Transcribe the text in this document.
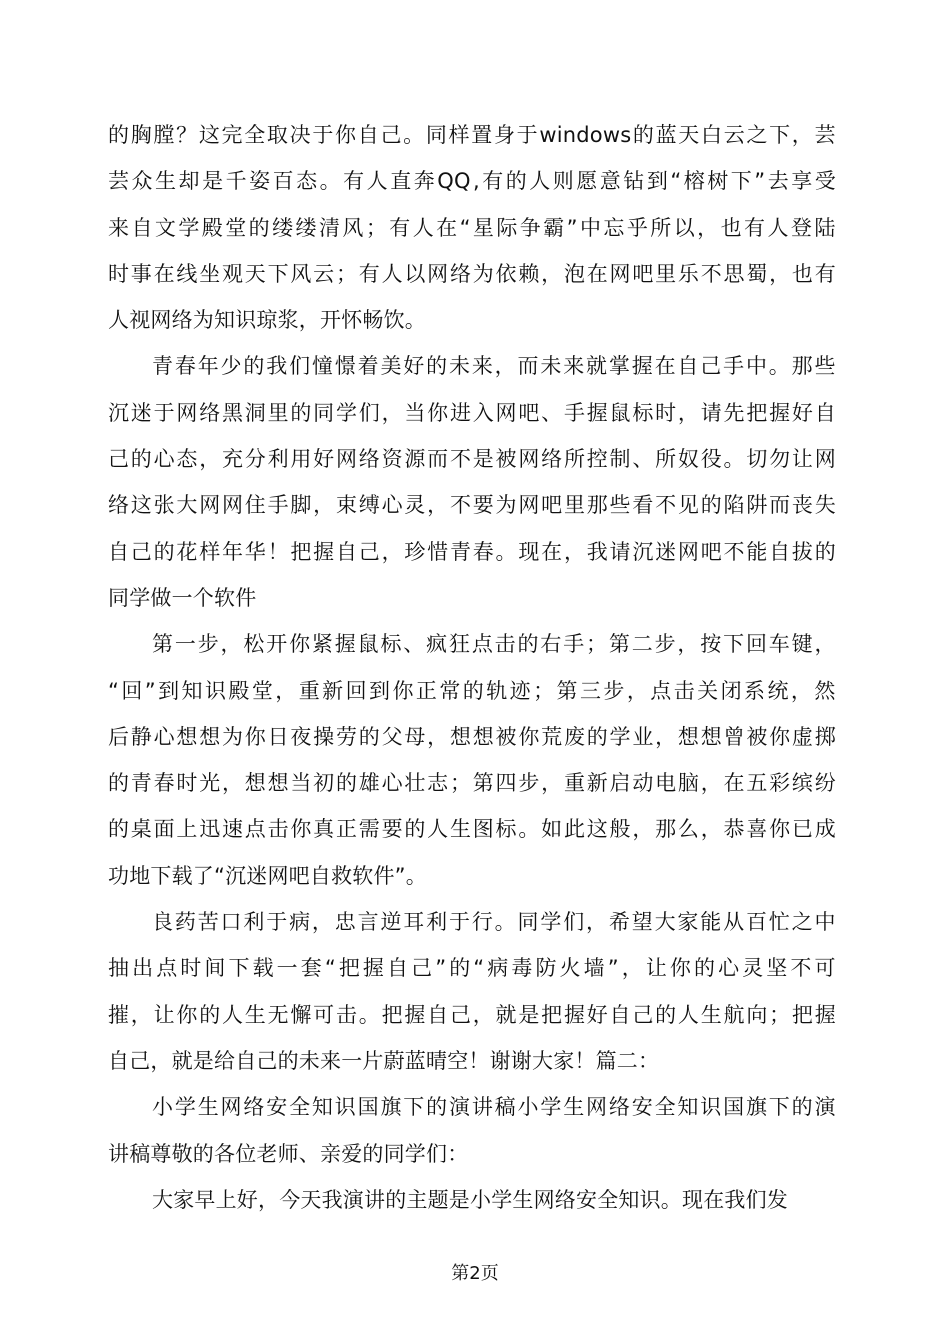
的 胸 膛 ？ 这 完 全 取 决 于 你 自 己 。 同 样 置 身 于 windows 的 蓝 天 白 云 之 下 ， 芸
芸 众 生 却 是 千 姿 百 态 。 有 人 直 奔 QQ , 有 的 人 则 愿 意 钻 到 “ 榕 树 下 ” 去 享 受
来 自 文 学 殿 堂 的 缕 缕 清 风 ； 有 人 在 “ 星 际 争 霸 ” 中 忘 乎 所 以 ， 也 有 人 登 陆
时 事 在 线 坐 观 天 下 风 云 ； 有 人 以 网 络 为 依 赖 ， 泡 在 网 吧 里 乐 不 思 蜀 ， 也 有
人视网络为知识琼浆，开怀畅饮。
青 春 年 少 的 我 们 憧 憬 着 美 好 的 未 来 ， 而 未 来 就 掌 握 在 自 己 手 中 。 那 些
沉 迷 于 网 络 黑 洞 里 的 同 学 们 ， 当 你 进 入 网 吧 、 手 握 鼠 标 时 ， 请 先 把 握 好 自
己 的 心 态 ， 充 分 利 用 好 网 络 资 源 而 不 是 被 网 络 所 控 制 、 所 奴 役 。 切 勿 让 网
络 这 张 大 网 网 住 手 脚 ， 束 缚 心 灵 ， 不 要 为 网 吧 里 那 些 看 不 见 的 陷 阱 而 丧 失
自 己 的 花 样 年 华 ！ 把 握 自 己 ， 珍 惜 青 春 。 现 在 ， 我 请 沉 迷 网 吧 不 能 自 拔 的
同学做一个软件
第 一 步 ， 松 开 你 紧 握 鼠 标 、 疯 狂 点 击 的 右 手 ； 第 二 步 ， 按 下 回 车 键 ，
“ 回 ” 到 知 识 殿 堂 ， 重 新 回 到 你 正 常 的 轨 迹 ； 第 三 步 ， 点 击 关 闭 系 统 ， 然
后 静 心 想 想 为 你 日 夜 操 劳 的 父 母 ， 想 想 被 你 荒 废 的 学 业 ， 想 想 曾 被 你 虚 掷
的 青 春 时 光 ， 想 想 当 初 的 雄 心 壮 志 ； 第 四 步 ， 重 新 启 动 电 脑 ， 在 五 彩 缤 纷
的 桌 面 上 迅 速 点 击 你 真 正 需 要 的 人 生 图 标 。 如 此 这 般 ， 那 么 ， 恭 喜 你 已 成
功地下载了“沉迷网吧自救软件”。
良 药 苦 口 利 于 病 ， 忠 言 逆 耳 利 于 行 。 同 学 们 ， 希 望 大 家 能 从 百 忙 之 中
抽 出 点 时 间 下 载 一 套 “ 把 握 自 己 ” 的 “ 病 毒 防 火 墙 ” ， 让 你 的 心 灵 坚 不 可
摧 ， 让 你 的 人 生 无 懈 可 击 。 把 握 自 己 ， 就 是 把 握 好 自 己 的 人 生 航 向 ； 把 握
自己，就是给自己的未来一片蔚蓝晴空！谢谢大家！篇二：
小 学 生 网 络 安 全 知 识 国 旗 下 的 演 讲 稿 小 学 生 网 络 安 全 知 识 国 旗 下 的 演
讲稿尊敬的各位老师、亲爱的同学们：
大家早上好，今天我演讲的主题是小学生网络安全知识。现在我们发
第2页
